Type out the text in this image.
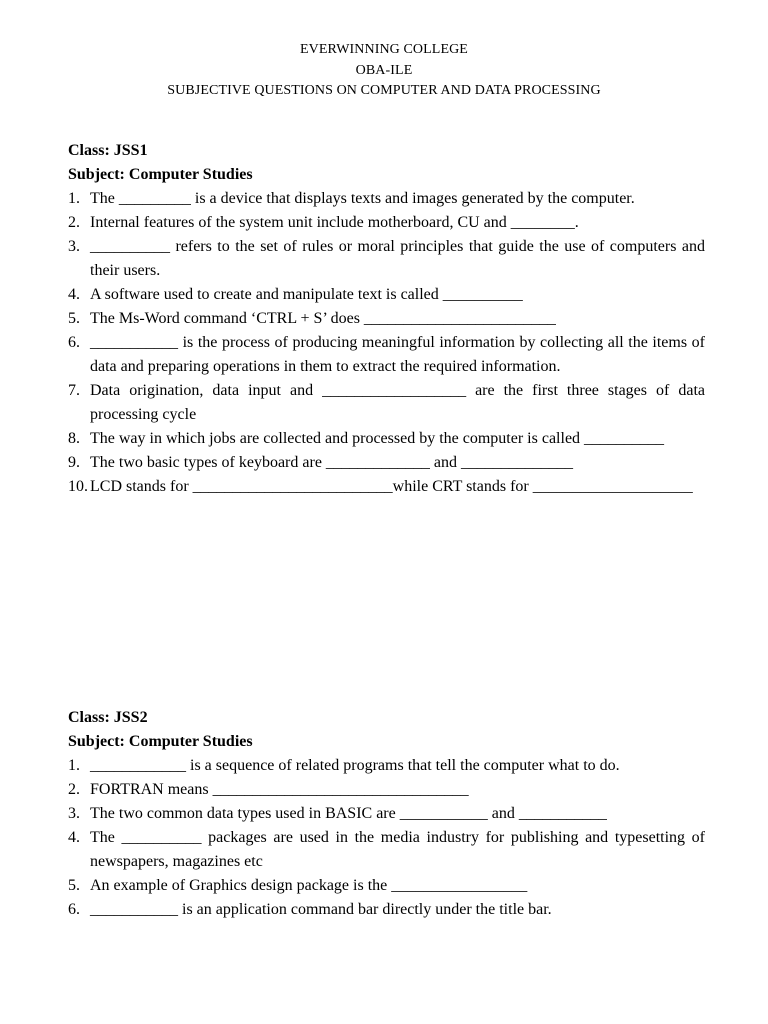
EVERWINNING COLLEGE
OBA-ILE
SUBJECTIVE QUESTIONS ON COMPUTER AND DATA PROCESSING
Class: JSS1
Subject: Computer Studies
1. The _________ is a device that displays texts and images generated by the computer.
2. Internal features of the system unit include motherboard, CU and ________.
3. __________ refers to the set of rules or moral principles that guide the use of computers and their users.
4. A software used to create and manipulate text is called __________
5. The Ms-Word command ‘CTRL + S’ does ________________________
6. ___________ is the process of producing meaningful information by collecting all the items of data and preparing operations in them to extract the required information.
7. Data origination, data input and __________________ are the first three stages of data processing cycle
8. The way in which jobs are collected and processed by the computer is called __________
9. The two basic types of keyboard are _____________ and ______________
10. LCD stands for _________________________while CRT stands for ____________________
Class: JSS2
Subject: Computer Studies
1. ____________ is a sequence of related programs that tell the computer what to do.
2. FORTRAN means ________________________________
3. The two common data types used in BASIC are ___________ and ___________
4. The __________ packages are used in the media industry for publishing and typesetting of newspapers, magazines etc
5. An example of Graphics design package is the _________________
6. ___________ is an application command bar directly under the title bar.
